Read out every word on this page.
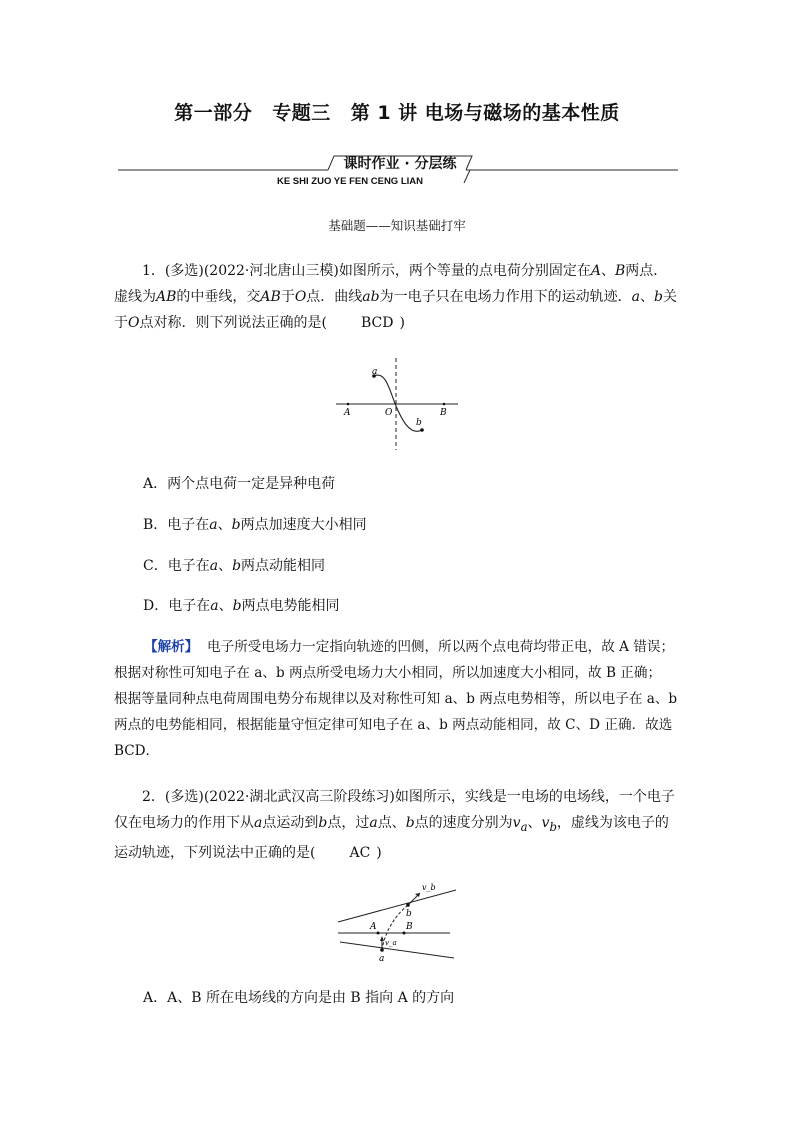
第一部分 专题三 第 1 讲 电场与磁场的基本性质
课时作业 · 分层练
KE SHI ZUO YE FEN CENG LIAN
基础题——知识基础打牢
1．(多选)(2022·河北唐山三模)如图所示，两个等量的点电荷分别固定在A、B两点．虚线为AB的中垂线，交AB于O点．曲线ab为一电子只在电场力作用下的运动轨迹．a、b关于O点对称．则下列说法正确的是( BCD )
a
A	O	B
b
A．两个点电荷一定是异种电荷
B．电子在a、b两点加速度大小相同
C．电子在a、b两点动能相同
D．电子在a、b两点电势能相同
【解析】 电子所受电场力一定指向轨迹的凹侧，所以两个点电荷均带正电，故 A 错误；
根据对称性可知电子在 a、b 两点所受电场力大小相同，所以加速度大小相同，故 B 正确；
根据等量同种点电荷周围电势分布规律以及对称性可知 a、b 两点电势相等，所以电子在 a、b
两点的电势能相同，根据能量守恒定律可知电子在 a、b 两点动能相同，故 C、D 正确．故选
BCD．
2．(多选)(2022·湖北武汉高三阶段练习)如图所示，实线是一电场的电场线，一个电子仅在电场力的作用下从a点运动到b点，过a点、b点的速度分别为$v_a$、$v_b$，虚线为该电子的运动轨迹，下列说法中正确的是( AC )
v_b
b
A	B
v_a
a
A．A、B 所在电场线的方向是由 B 指向 A 的方向
